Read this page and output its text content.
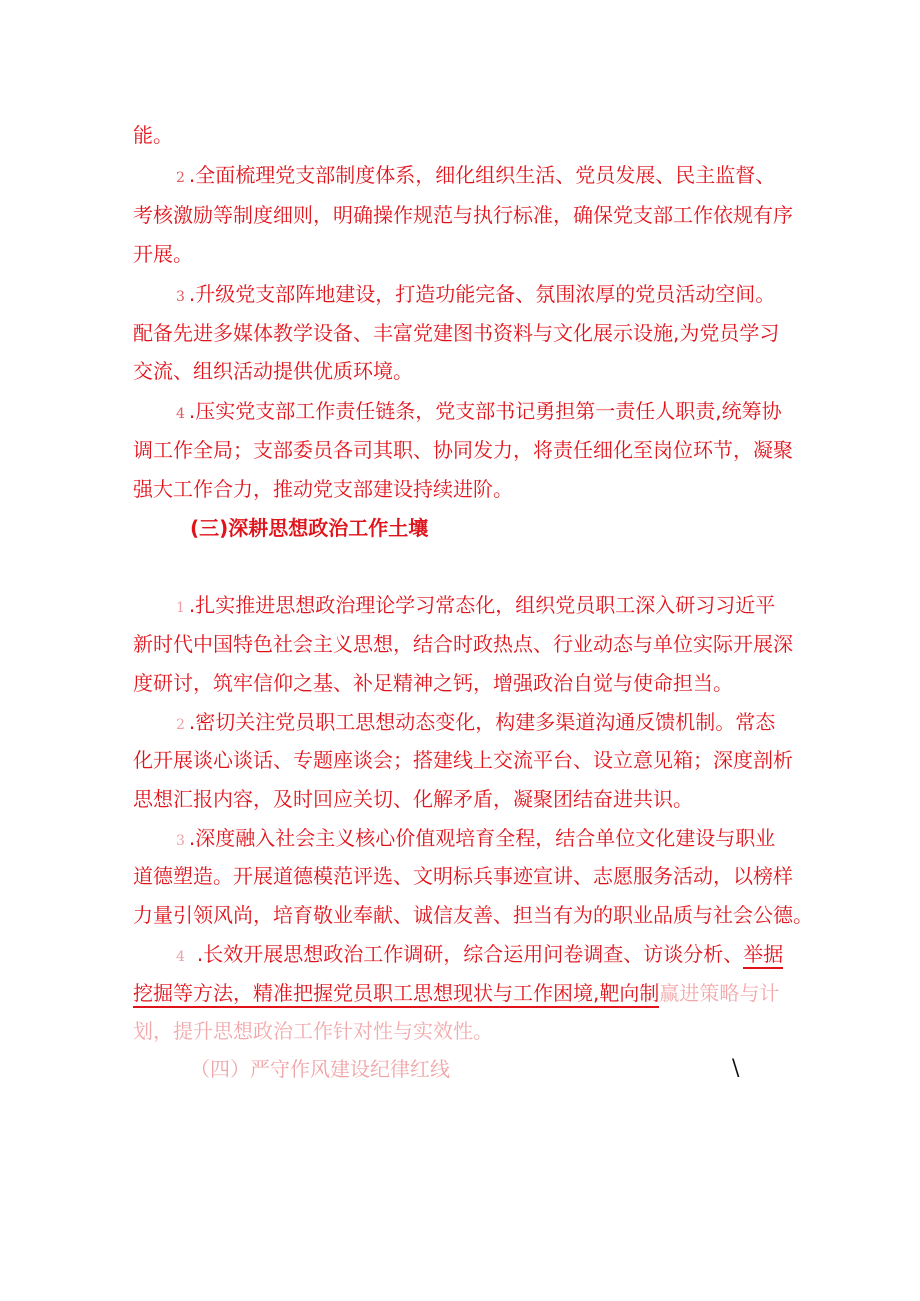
能。
2 .全面梳理党支部制度体系，细化组织生活、党员发展、民主监督、
考核激励等制度细则，明确操作规范与执行标准，确保党支部工作依规有序
开展。
3 .升级党支部阵地建设，打造功能完备、氛围浓厚的党员活动空间。
配备先进多媒体教学设备、丰富党建图书资料与文化展示设施,为党员学习
交流、组织活动提供优质环境。
4 .压实党支部工作责任链条，党支部书记勇担第一责任人职责,统筹协
调工作全局；支部委员各司其职、协同发力，将责任细化至岗位环节，凝聚
强大工作合力，推动党支部建设持续进阶。
(三)深耕思想政治工作土壤
1 .扎实推进思想政治理论学习常态化，组织党员职工深入研习习近平
新时代中国特色社会主义思想，结合时政热点、行业动态与单位实际开展深
度研讨，筑牢信仰之基、补足精神之钙，增强政治自觉与使命担当。
2 .密切关注党员职工思想动态变化，构建多渠道沟通反馈机制。常态
化开展谈心谈话、专题座谈会；搭建线上交流平台、设立意见箱；深度剖析
思想汇报内容，及时回应关切、化解矛盾，凝聚团结奋进共识。
3 .深度融入社会主义核心价值观培育全程，结合单位文化建设与职业
道德塑造。开展道德模范评选、文明标兵事迹宣讲、志愿服务活动，以榜样
力量引领风尚，培育敬业奉献、诚信友善、担当有为的职业品质与社会公德。
4 .长效开展思想政治工作调研，综合运用问卷调查、访谈分析、举据
挖掘等方法，精准把握党员职工思想现状与工作困境,靶向制赢进策略与计
划，提升思想政治工作针对性与实效性。
（四）严守作风建设纪律红线	\
